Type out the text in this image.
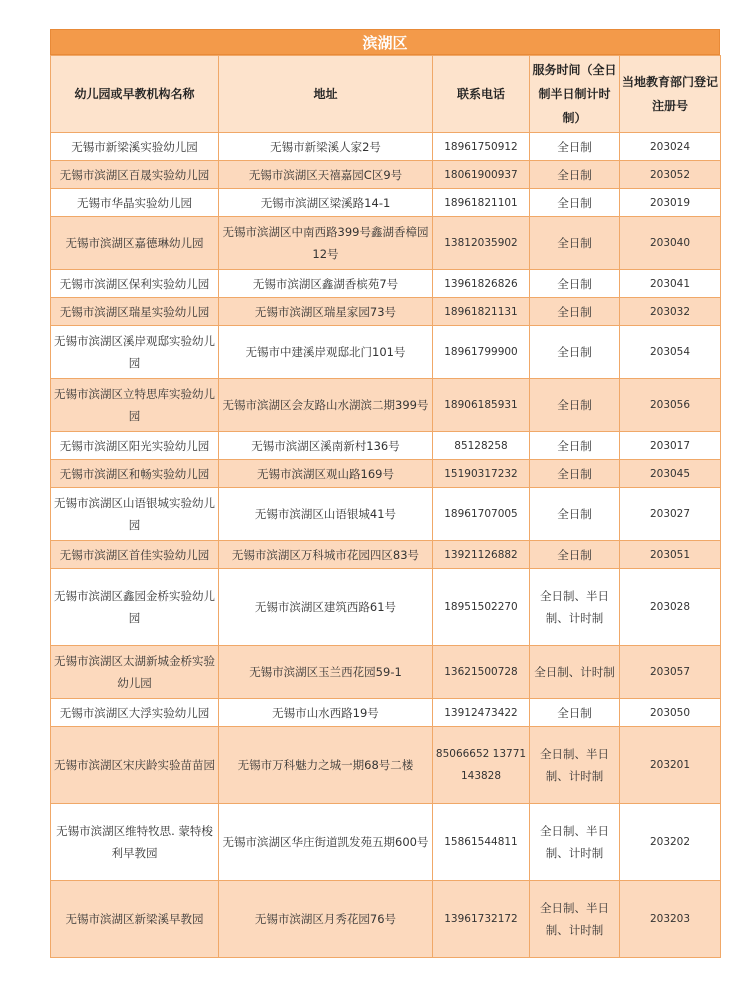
滨湖区
幼儿园或早教机构名称	地址	联系电话	服务时间（全日制半日制计时制）	当地教育部门登记注册号
无锡市新梁溪实验幼儿园	无锡市新梁溪人家2号	18961750912	全日制	203024
无锡市滨湖区百晟实验幼儿园	无锡市滨湖区天禧嘉园C区9号	18061900937	全日制	203052
无锡市华晶实验幼儿园	无锡市滨湖区梁溪路14-1	18961821101	全日制	203019
无锡市滨湖区嘉德琳幼儿园	无锡市滨湖区中南西路399号鑫湖香樟园12号	13812035902	全日制	203040
无锡市滨湖区保利实验幼儿园	无锡市滨湖区鑫湖香槟苑7号	13961826826	全日制	203041
无锡市滨湖区瑞星实验幼儿园	无锡市滨湖区瑞星家园73号	18961821131	全日制	203032
无锡市滨湖区溪岸观邸实验幼儿园	无锡市中建溪岸观邸北门101号	18961799900	全日制	203054
无锡市滨湖区立特思库实验幼儿园	无锡市滨湖区会友路山水湖滨二期399号	18906185931	全日制	203056
无锡市滨湖区阳光实验幼儿园	无锡市滨湖区溪南新村136号	85128258	全日制	203017
无锡市滨湖区和畅实验幼儿园	无锡市滨湖区观山路169号	15190317232	全日制	203045
无锡市滨湖区山语银城实验幼儿园	无锡市滨湖区山语银城41号	18961707005	全日制	203027
无锡市滨湖区首佳实验幼儿园	无锡市滨湖区万科城市花园四区83号	13921126882	全日制	203051
无锡市滨湖区鑫园金桥实验幼儿园	无锡市滨湖区建筑西路61号	18951502270	全日制、半日制、计时制	203028
无锡市滨湖区太湖新城金桥实验幼儿园	无锡市滨湖区玉兰西花园59-1	13621500728	全日制、计时制	203057
无锡市滨湖区大浮实验幼儿园	无锡市山水西路19号	13912473422	全日制	203050
无锡市滨湖区宋庆龄实验苗苗园	无锡市万科魅力之城一期68号二楼	85066652 13771143828	全日制、半日制、计时制	203201
无锡市滨湖区维特牧思. 蒙特梭利早教园	无锡市滨湖区华庄街道凯发苑五期600号	15861544811	全日制、半日制、计时制	203202
无锡市滨湖区新梁溪早教园	无锡市滨湖区月秀花园76号	13961732172	全日制、半日制、计时制	203203
